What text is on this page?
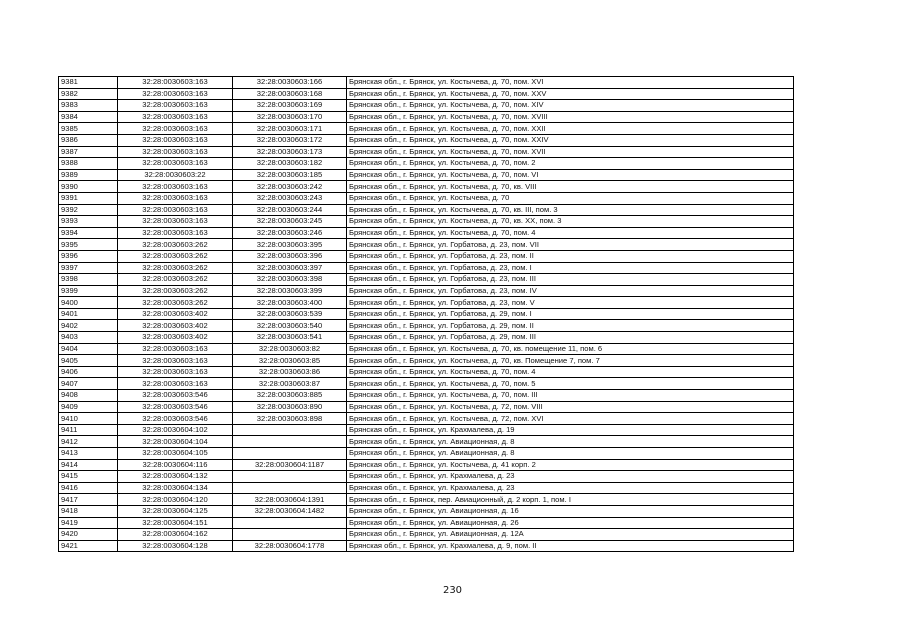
9381	32:28:0030603:163	32:28:0030603:166	Брянская обл., г. Брянск, ул. Костычева, д. 70, пом. XVI
9382	32:28:0030603:163	32:28:0030603:168	Брянская обл., г. Брянск, ул. Костычева, д. 70, пом. XXV
9383	32:28:0030603:163	32:28:0030603:169	Брянская обл., г. Брянск, ул. Костычева, д. 70, пом. XIV
9384	32:28:0030603:163	32:28:0030603:170	Брянская обл., г. Брянск, ул. Костычева, д. 70, пом. XVIII
9385	32:28:0030603:163	32:28:0030603:171	Брянская обл., г. Брянск, ул. Костычева, д. 70, пом. XXII
9386	32:28:0030603:163	32:28:0030603:172	Брянская обл., г. Брянск, ул. Костычева, д. 70, пом. XXIV
9387	32:28:0030603:163	32:28:0030603:173	Брянская обл., г. Брянск, ул. Костычева, д. 70, пом. XVII
9388	32:28:0030603:163	32:28:0030603:182	Брянская обл., г. Брянск, ул. Костычева, д. 70, пом. 2
9389	32:28:0030603:22	32:28:0030603:185	Брянская обл., г. Брянск, ул. Костычева, д. 70, пом. VI
9390	32:28:0030603:163	32:28:0030603:242	Брянская обл., г. Брянск, ул. Костычева, д. 70, кв. VIII
9391	32:28:0030603:163	32:28:0030603:243	Брянская обл., г. Брянск, ул. Костычева, д. 70
9392	32:28:0030603:163	32:28:0030603:244	Брянская обл., г. Брянск, ул. Костычева, д. 70, кв. III, пом. 3
9393	32:28:0030603:163	32:28:0030603:245	Брянская обл., г. Брянск, ул. Костычева, д. 70, кв. XX, пом. 3
9394	32:28:0030603:163	32:28:0030603:246	Брянская обл., г. Брянск, ул. Костычева, д. 70, пом. 4
9395	32:28:0030603:262	32:28:0030603:395	Брянская обл., г. Брянск, ул. Горбатова, д. 23, пом. VII
9396	32:28:0030603:262	32:28:0030603:396	Брянская обл., г. Брянск, ул. Горбатова, д. 23, пом. II
9397	32:28:0030603:262	32:28:0030603:397	Брянская обл., г. Брянск, ул. Горбатова, д. 23, пом. I
9398	32:28:0030603:262	32:28:0030603:398	Брянская обл., г. Брянск, ул. Горбатова, д. 23, пом. III
9399	32:28:0030603:262	32:28:0030603:399	Брянская обл., г. Брянск, ул. Горбатова, д. 23, пом. IV
9400	32:28:0030603:262	32:28:0030603:400	Брянская обл., г. Брянск, ул. Горбатова, д. 23, пом. V
9401	32:28:0030603:402	32:28:0030603:539	Брянская обл., г. Брянск, ул. Горбатова, д. 29, пом. I
9402	32:28:0030603:402	32:28:0030603:540	Брянская обл., г. Брянск, ул. Горбатова, д. 29, пом. II
9403	32:28:0030603:402	32:28:0030603:541	Брянская обл., г. Брянск, ул. Горбатова, д. 29, пом. III
9404	32:28:0030603:163	32:28:0030603:82	Брянская обл., г. Брянск, ул. Костычева, д. 70, кв. помещение 11, пом. 6
9405	32:28:0030603:163	32:28:0030603:85	Брянская обл., г. Брянск, ул. Костычева, д. 70, кв. Помещение 7, пом. 7
9406	32:28:0030603:163	32:28:0030603:86	Брянская обл., г. Брянск, ул. Костычева, д. 70, пом. 4
9407	32:28:0030603:163	32:28:0030603:87	Брянская обл., г. Брянск, ул. Костычева, д. 70, пом. 5
9408	32:28:0030603:546	32:28:0030603:885	Брянская обл., г. Брянск, ул. Костычева, д. 70, пом. III
9409	32:28:0030603:546	32:28:0030603:890	Брянская обл., г. Брянск, ул. Костычева, д. 72, пом. VIII
9410	32:28:0030603:546	32:28:0030603:898	Брянская обл., г. Брянск, ул. Костычева, д. 72, пом. XVI
9411	32:28:0030604:102		Брянская обл., г. Брянск, ул. Крахмалева, д. 19
9412	32:28:0030604:104		Брянская обл., г. Брянск, ул. Авиационная, д. 8
9413	32:28:0030604:105		Брянская обл., г. Брянск, ул. Авиационная, д. 8
9414	32:28:0030604:116	32:28:0030604:1187	Брянская обл., г. Брянск, ул. Костычева, д. 41 корп. 2
9415	32:28:0030604:132		Брянская обл., г. Брянск, ул. Крахмалева, д. 23
9416	32:28:0030604:134		Брянская обл., г. Брянск, ул. Крахмалева, д. 23
9417	32:28:0030604:120	32:28:0030604:1391	Брянская обл., г. Брянск, пер. Авиационный, д. 2 корп. 1, пом. I
9418	32:28:0030604:125	32:28:0030604:1482	Брянская обл., г. Брянск, ул. Авиационная, д. 16
9419	32:28:0030604:151		Брянская обл., г. Брянск, ул. Авиационная, д. 26
9420	32:28:0030604:162		Брянская обл., г. Брянск, ул. Авиационная, д. 12А
9421	32:28:0030604:128	32:28:0030604:1778	Брянская обл., г. Брянск, ул. Крахмалева, д. 9, пом. II
230
